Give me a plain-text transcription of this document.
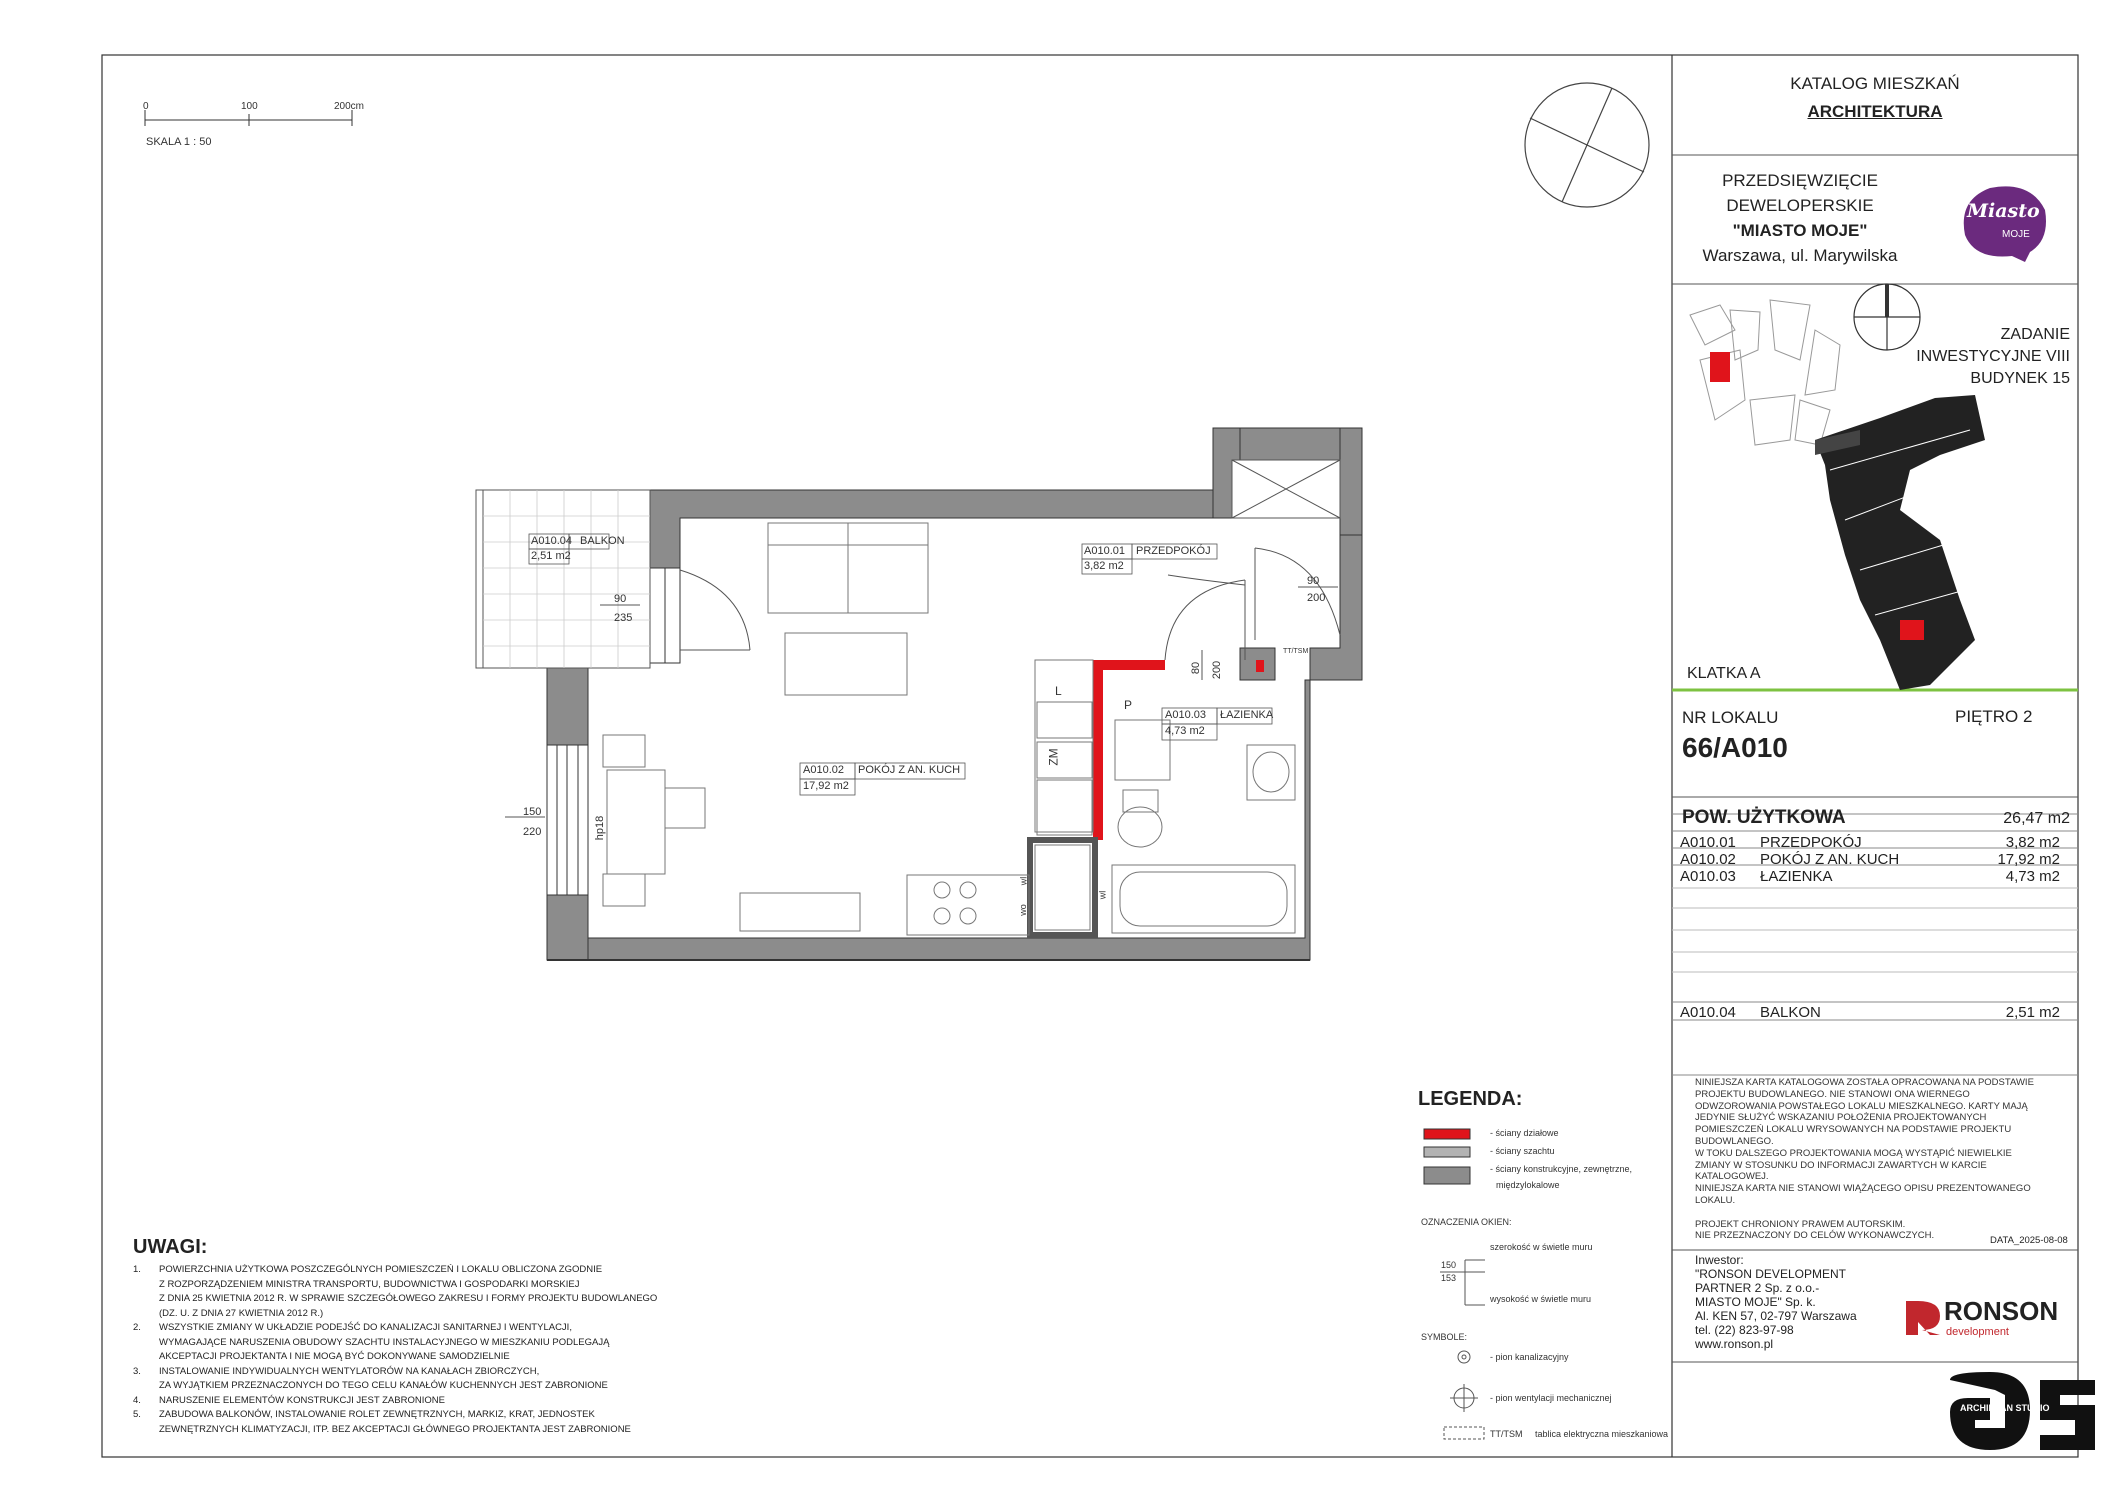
0	100	200cm
SKALA 1 : 50
KATALOG MIESZKAŃ
ARCHITEKTURA
PRZEDSIĘWZIĘCIE
DEWELOPERSKIE
"MIASTO MOJE"
Warszawa, ul. Marywilska
Miasto
MOJE
ZADANIE
INWESTYCYJNE VIII
BUDYNEK 15
KLATKA A
NR LOKALU	PIĘTRO 2
66/A010
POW. UŻYTKOWA	26,47 m2
A010.01 PRZEDPOKÓJ	3,82 m2
A010.02 POKÓJ Z AN. KUCH	17,92 m2
A010.03 ŁAZIENKA	4,73 m2
A010.04 BALKON	2,51 m2
NINIEJSZA KARTA KATALOGOWA ZOSTAŁA OPRACOWANA NA PODSTAWIE
PROJEKTU BUDOWLANEGO. NIE STANOWI ONA WIERNEGO
ODWZOROWANIA POWSTAŁEGO LOKALU MIESZKALNEGO. KARTY MAJĄ
JEDYNIE SŁUŻYĆ WSKAZANIU POŁOŻENIA PROJEKTOWANYCH
POMIESZCZEŃ LOKALU WRYSOWANYCH NA PODSTAWIE PROJEKTU
BUDOWLANEGO.
W TOKU DALSZEGO PROJEKTOWANIA MOGĄ WYSTĄPIĆ NIEWIELKIE
ZMIANY W STOSUNKU DO INFORMACJI ZAWARTYCH W KARCIE
KATALOGOWEJ.
NINIEJSZA KARTA NIE STANOWI WIĄŻĄCEGO OPISU PREZENTOWANEGO
LOKALU.

PROJEKT CHRONIONY PRAWEM AUTORSKIM.
NIE PRZEZNACZONY DO CELÓW WYKONAWCZYCH.	DATA_2025-08-08
Inwestor:
"RONSON DEVELOPMENT
PARTNER 2 Sp. z o.o.-
MIASTO MOJE" Sp. k.
Al. KEN 57, 02-797 Warszawa
tel. (22) 823-97-98
www.ronson.pl
RONSON
development
ARCHIPLAN STUDIO
A010.04 BALKON
2,51 m2	A010.01 PRZEDPOKÓJ
3,82 m2
A010.02 POKÓJ Z AN. KUCH
17,92 m2
A010.03 ŁAZIENKA
4,73 m2
90
235
150
220	hp18
90
200
80 200
ZM
L
P
wo
wl
wl
TT/TSM
LEGENDA:
- ściany działowe
- ściany szachtu
- ściany konstrukcyjne, zewnętrzne,
międzylokalowe
OZNACZENIA OKIEN:
szerokość w świetle muru
150
153
wysokość w świetle muru
SYMBOLE:
- pion kanalizacyjny
- pion wentylacji mechanicznej
TT/TSM tablica elektryczna mieszkaniowa
UWAGI:
1. POWIERZCHNIA UŻYTKOWA POSZCZEGÓLNYCH POMIESZCZEŃ I LOKALU OBLICZONA ZGODNIE
Z ROZPORZĄDZENIEM MINISTRA TRANSPORTU, BUDOWNICTWA I GOSPODARKI MORSKIEJ
Z DNIA 25 KWIETNIA 2012 R. W SPRAWIE SZCZEGÓŁOWEGO ZAKRESU I FORMY PROJEKTU BUDOWLANEGO
(DZ. U. Z DNIA 27 KWIETNIA 2012 R.)
2. WSZYSTKIE ZMIANY W UKŁADZIE PODEJŚĆ DO KANALIZACJI SANITARNEJ I WENTYLACJI,
WYMAGAJĄCE NARUSZENIA OBUDOWY SZACHTU INSTALACYJNEGO W MIESZKANIU PODLEGAJĄ
AKCEPTACJI PROJEKTANTA I NIE MOGĄ BYĆ DOKONYWANE SAMODZIELNIE
3. INSTALOWANIE INDYWIDUALNYCH WENTYLATORÓW NA KANAŁACH ZBIORCZYCH,
ZA WYJĄTKIEM PRZEZNACZONYCH DO TEGO CELU KANAŁÓW KUCHENNYCH JEST ZABRONIONE
4. NARUSZENIE ELEMENTÓW KONSTRUKCJI JEST ZABRONIONE
5. ZABUDOWA BALKONÓW, INSTALOWANIE ROLET ZEWNĘTRZNYCH, MARKIZ, KRAT, JEDNOSTEK
ZEWNĘTRZNYCH KLIMATYZACJI, ITP. BEZ AKCEPTACJI GŁÓWNEGO PROJEKTANTA JEST ZABRONIONE
